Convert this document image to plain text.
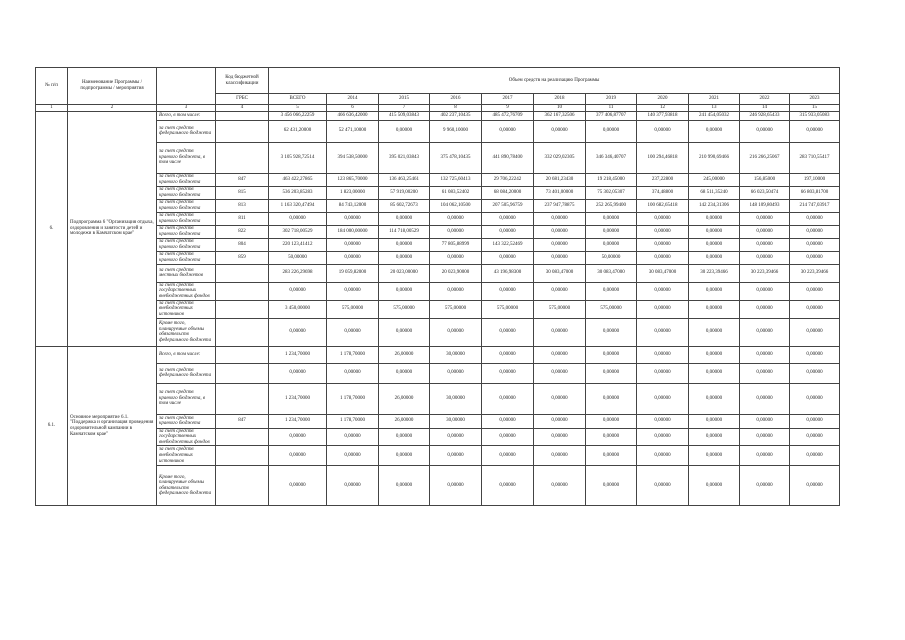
№ п/п	Наименование Программы / подпрограммы / мероприятия		Код бюджетной классификации	Объем средств на реализацию Программы										
			ГРБС	ВСЕГО	2014	2015	2016	2017	2018	2019	2020	2021	2022	2023
1	2	3	4	5	6	7	8	9	10	11	12	13	14	15
6.	Подпрограмма 6 "Организация отдыха, оздоровления и занятости детей и молодежи в Камчатском крае"	Всего, в том числе:		3 456 066,22259	466 636,42000	415 509,03843	402 237,10435	485 472,76709	362 167,32506	377 406,87707	140 377,93818	241 454,05032	246 928,65433	315 933,05083
		за счет средств федерального бюджета		62 431,20000	52 471,10000	0,00000	9 960,10000	0,00000	0,00000	0,00000	0,00000	0,00000	0,00000	0,00000
		за счет средств краевого бюджета, в том числе		3 105 928,72514	394 538,50000	395 021,03843	375 478,10435	441 890,78400	332 029,02305	346 346,40707	100 294,46818	210 990,69466	216 266,25067	283 710,55417
		за счет средств краевого бюджета	847	463 422,27865	123 865,70000	136 463,25461	132 725,60413	29 706,22242	20 681,23430	19 218,45000	237,22800	245,00000	156,85000	197,10000
		за счет средств краевого бюджета	815	536 203,85283	1 823,00000	57 919,00200	61 083,52402	68 084,20000	73 401,00000	75 302,05307	374,48800	68 511,35240	66 023,50474	66 803,81700
		за счет средств краевого бюджета	813	1 163 320,47494	84 743,12000	85 602,72673	104 062,10500	207 505,96759	237 947,78875	252 265,99400	100 682,65418	142 234,31306	148 109,80493	214 747,03917
		за счет средств краевого бюджета	811	0,00000	0,00000	0,00000	0,00000	0,00000	0,00000	0,00000	0,00000	0,00000	0,00000	0,00000
		за счет средств краевого бюджета	822	302 718,00529	184 000,00000	114 718,00529	0,00000	0,00000	0,00000	0,00000	0,00000	0,00000	0,00000	0,00000
		за счет средств краевого бюджета	804	220 123,41412	0,00000	0,00000	77 805,88999	143 322,52469	0,00000	0,00000	0,00000	0,00000	0,00000	0,00000
		за счет средств краевого бюджета	859	50,00000	0,00000	0,00000	0,00000	0,00000	0,00000	50,00000	0,00000	0,00000	0,00000	0,00000
		за счет средств местных бюджетов		283 226,29698	19 059,82000	20 023,00000	20 023,90000	43 196,98300	30 083,47000	30 083,47000	30 083,47000	30 223,39466	30 223,39466	30 223,39466
		за счет средств государственных внебюджетных фондов		0,00000	0,00000	0,00000	0,00000	0,00000	0,00000	0,00000	0,00000	0,00000	0,00000	0,00000
		за счет средств внебюджетных источников		3 450,00000	575,00000	575,00000	575,00000	575,00000	575,00000	575,00000	0,00000	0,00000	0,00000	0,00000
		Кроме того, планируемые объемы обязательств федерального бюджета		0,00000	0,00000	0,00000	0,00000	0,00000	0,00000	0,00000	0,00000	0,00000	0,00000	0,00000
6.1.	Основное мероприятие 6.1. "Поддержка и организация проведения оздоровительной кампании в Камчатском крае"	Всего, в том числе:		1 234,70000	1 178,70000	26,00000	30,00000	0,00000	0,00000	0,00000	0,00000	0,00000	0,00000	0,00000
		за счет средств федерального бюджета		0,00000	0,00000	0,00000	0,00000	0,00000	0,00000	0,00000	0,00000	0,00000	0,00000	0,00000
		за счет средств краевого бюджета, в том числе		1 234,70000	1 178,70000	26,00000	30,00000	0,00000	0,00000	0,00000	0,00000	0,00000	0,00000	0,00000
		за счет средств краевого бюджета	847	1 234,70000	1 178,70000	26,00000	30,00000	0,00000	0,00000	0,00000	0,00000	0,00000	0,00000	0,00000
		за счет средств государственных внебюджетных фондов		0,00000	0,00000	0,00000	0,00000	0,00000	0,00000	0,00000	0,00000	0,00000	0,00000	0,00000
		за счет средств внебюджетных источников		0,00000	0,00000	0,00000	0,00000	0,00000	0,00000	0,00000	0,00000	0,00000	0,00000	0,00000
		Кроме того, планируемые объемы обязательств федерального бюджета		0,00000	0,00000	0,00000	0,00000	0,00000	0,00000	0,00000	0,00000	0,00000	0,00000	0,00000
